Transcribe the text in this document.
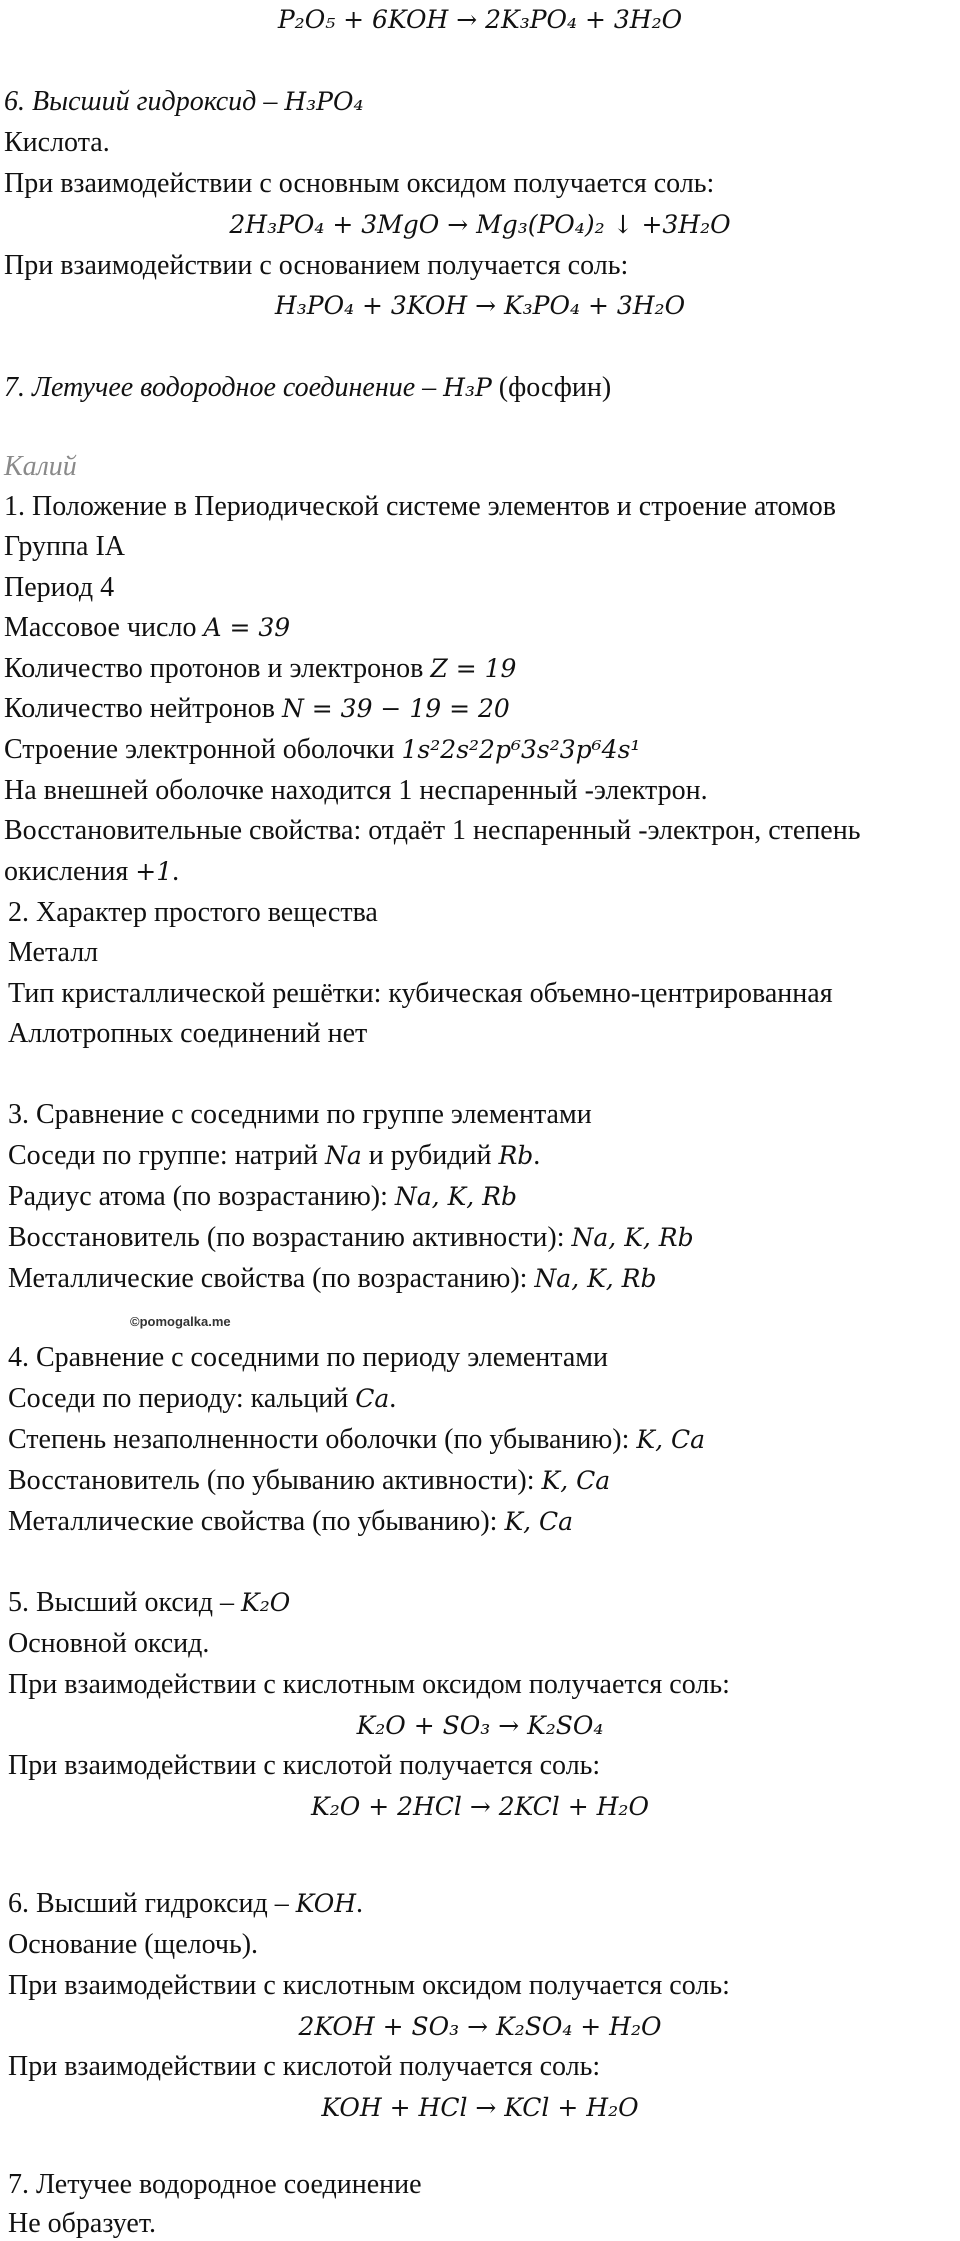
P₂O₅ + 6KOH → 2K₃PO₄ + 3H₂O
6. Высший гидроксид – H₃PO₄
Кислота.
При взаимодействии с основным оксидом получается соль:
2H₃PO₄ + 3MgO → Mg₃(PO₄)₂ ↓ +3H₂O
При взаимодействии с основанием получается соль:
H₃PO₄ + 3KOH → K₃PO₄ + 3H₂O
7. Летучее водородное соединение – H₃P (фосфин)
Калий
1. Положение в Периодической системе элементов и строение атомов
Группа IA
Период 4
Массовое число A = 39
Количество протонов и электронов Z = 19
Количество нейтронов N = 39 − 19 = 20
Строение электронной оболочки 1s²2s²2p⁶3s²3p⁶4s¹
На внешней оболочке находится 1 неспаренный -электрон.
Восстановительные свойства: отдаёт 1 неспаренный -электрон, степень
окисления +1.
2. Характер простого вещества
Металл
Тип кристаллической решётки: кубическая объемно-центрированная
Аллотропных соединений нет
3. Сравнение с соседними по группе элементами
Соседи по группе: натрий Na и рубидий Rb.
Радиус атома (по возрастанию): Na, K, Rb
Восстановитель (по возрастанию активности): Na, K, Rb
Металлические свойства (по возрастанию): Na, K, Rb
©pomogalka.me
4. Сравнение с соседними по периоду элементами
Соседи по периоду: кальций Ca.
Степень незаполненности оболочки (по убыванию): K, Ca
Восстановитель (по убыванию активности): K, Ca
Металлические свойства (по убыванию): K, Ca
5. Высший оксид – K₂O
Основной оксид.
При взаимодействии с кислотным оксидом получается соль:
K₂O + SO₃ → K₂SO₄
При взаимодействии с кислотой получается соль:
K₂O + 2HCl → 2KCl + H₂O
6. Высший гидроксид – KOH.
Основание (щелочь).
При взаимодействии с кислотным оксидом получается соль:
2KOH + SO₃ → K₂SO₄ + H₂O
При взаимодействии с кислотой получается соль:
KOH + HCl → KCl + H₂O
7. Летучее водородное соединение
Не образует.
